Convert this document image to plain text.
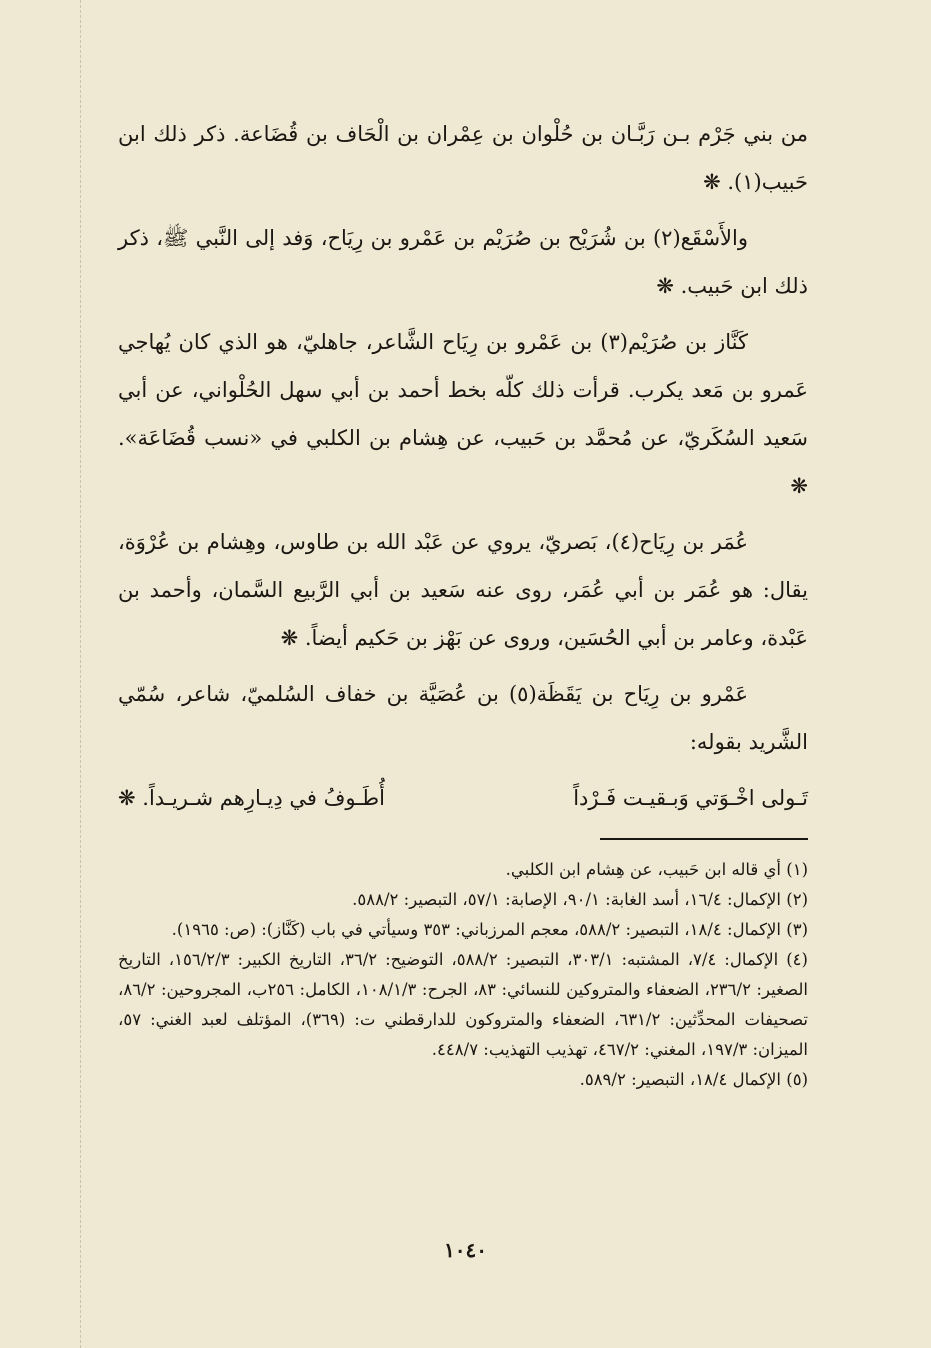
من بني جَرْم بـن رَبَّـان بن حُلْوان بن عِمْران بن الْحَاف بن قُضَاعة. ذكر ذلك ابن حَبيب(١). ❋

والأَسْقَع(٢) بن شُرَيْح بن صُرَيْم بن عَمْرو بن رِيَاح، وَفد إلى النَّبي ﷺ، ذكر ذلك ابن حَبيب. ❋

كَنَّاز بن صُرَيْم(٣) بن عَمْرو بن رِيَاح الشَّاعر، جاهليّ، هو الذي كان يُهاجي عَمرو بن مَعد يكرب. قرأت ذلك كلّه بخط أحمد بن أبي سهل الحُلْواني، عن أبي سَعيد السُكَريّ، عن مُحمَّد بن حَبيب، عن هِشام بن الكلبي في «نسب قُضَاعَة». ❋

عُمَر بن رِيَاح(٤)، بَصريّ، يروي عن عَبْد الله بن طاوس، وهِشام بن عُرْوَة، يقال: هو عُمَر بن أبي عُمَر، روى عنه سَعيد بن أبي الرَّبيع السَّمان، وأحمد بن عَبْدة، وعامر بن أبي الحُسَين، وروى عن بَهْز بن حَكيم أيضاً. ❋

عَمْرو بن رِيَاح بن يَقَظَة(٥) بن عُصَيَّة بن خفاف السُلميّ، شاعر، سُمّي الشَّريد بقوله:

تَـولى اخْـوَتي وَبـقيـت فَـرْداً
أُطَـوفُ في دِيـارِهم شـريـداً. ❋

(١) أي قاله ابن حَبيب، عن هِشام ابن الكلبي.

(٢) الإكمال: ١٦/٤، أسد الغابة: ٩٠/١، الإصابة: ٥٧/١، التبصير: ٥٨٨/٢.

(٣) الإكمال: ١٨/٤، التبصير: ٥٨٨/٢، معجم المرزباني: ٣٥٣ وسيأتي في باب (كَنَّاز): (ص: ١٩٦٥).

(٤) الإكمال: ٧/٤، المشتبه: ٣٠٣/١، التبصير: ٥٨٨/٢، التوضيح: ٣٦/٢، التاريخ الكبير: ١٥٦/٢/٣، التاريخ الصغير: ٢٣٦/٢، الضعفاء والمتروكين للنسائي: ٨٣، الجرح: ١٠٨/١/٣، الكامل: ٢٥٦ب، المجروحين: ٨٦/٢، تصحيفات المحدِّثين: ٦٣١/٢، الضعفاء والمتروكون للدارقطني ت: (٣٦٩)، المؤتلف لعبد الغني: ٥٧، الميزان: ١٩٧/٣، المغني: ٤٦٧/٢، تهذيب التهذيب: ٤٤٨/٧.

(٥) الإكمال ١٨/٤، التبصير: ٥٨٩/٢.

١٠٤٠
